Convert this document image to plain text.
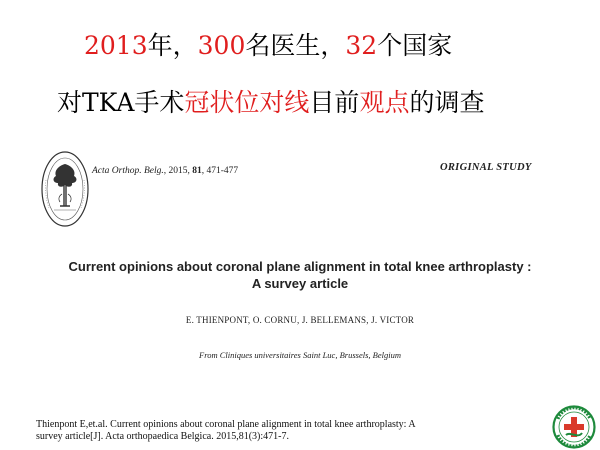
2013年，300名医生，32个国家
对TKA手术冠状位对线目前观点的调查
Acta Orthop. Belg., 2015, 81, 471-477	ORIGINAL STUDY
Current opinions about coronal plane alignment in total knee arthroplasty :
A survey article
E. THIENPONT, O. CORNU, J. BELLEMANS, J. VICTOR
From Cliniques universitaires Saint Luc, Brussels, Belgium
Thienpont E,et.al. Current opinions about coronal plane alignment in total knee arthroplasty: A
survey article[J]. Acta orthopaedica Belgica. 2015,81(3):471-7.
